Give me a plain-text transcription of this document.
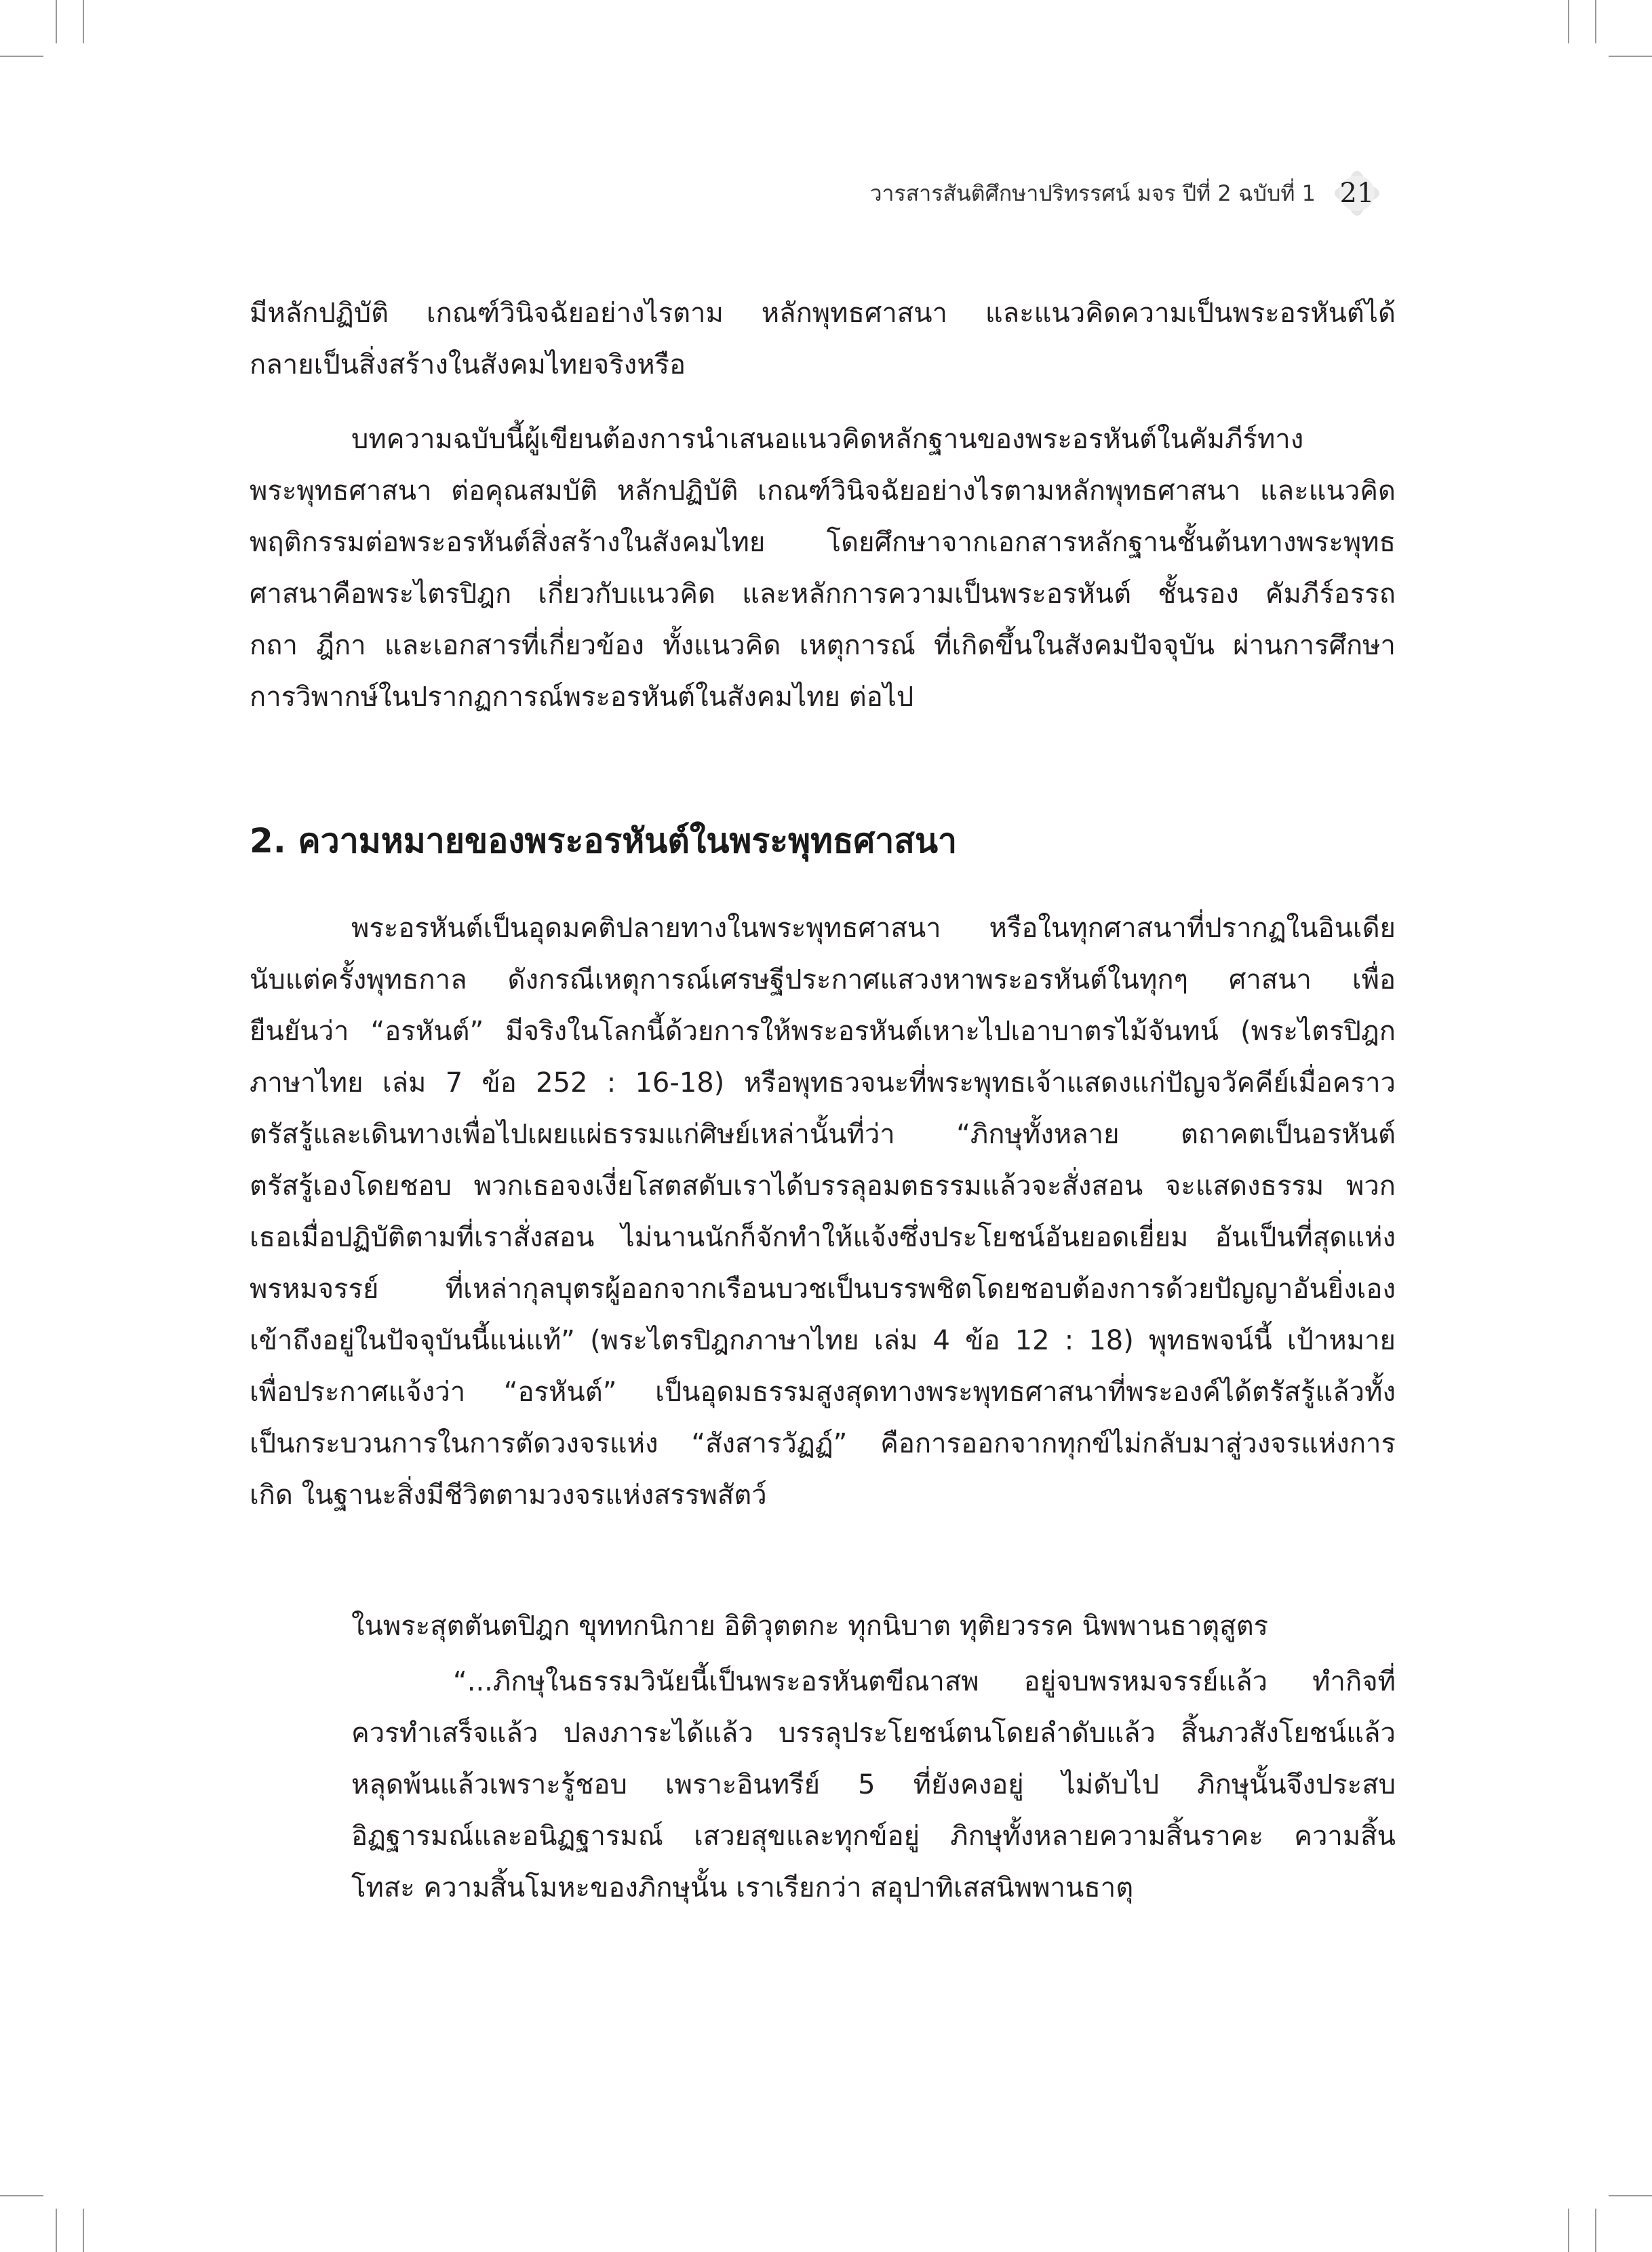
วารสารสันติศึกษาปริทรรศน์ มจร ปีที่ 2 ฉบับที่ 1 21

มีหลักปฏิบัติ เกณฑ์วินิจฉัยอย่างไรตาม หลักพุทธศาสนา และแนวคิดความเป็นพระอรหันต์ได้

กลายเป็นสิ่งสร้างในสังคมไทยจริงหรือ

บทความฉบับนี้ผู้เขียนต้องการนำเสนอแนวคิดหลักฐานของพระอรหันต์ในคัมภีร์ทาง

พระพุทธศาสนา ต่อคุณสมบัติ หลักปฏิบัติ เกณฑ์วินิจฉัยอย่างไรตามหลักพุทธศาสนา และแนวคิด

พฤติกรรมต่อพระอรหันต์สิ่งสร้างในสังคมไทย โดยศึกษาจากเอกสารหลักฐานชั้นต้นทางพระพุทธ

ศาสนาคือพระไตรปิฎก เกี่ยวกับแนวคิด และหลักการความเป็นพระอรหันต์ ชั้นรอง คัมภีร์อรรถ

กถา ฎีกา และเอกสารที่เกี่ยวข้อง ทั้งแนวคิด เหตุการณ์ ที่เกิดขึ้นในสังคมปัจจุบัน ผ่านการศึกษา

การวิพากษ์ในปรากฏการณ์พระอรหันต์ในสังคมไทย ต่อไป

2. ความหมายของพระอรหันต์ในพระพุทธศาสนา

พระอรหันต์เป็นอุดมคติปลายทางในพระพุทธศาสนา หรือในทุกศาสนาที่ปรากฏในอินเดีย

นับแต่ครั้งพุทธกาล ดังกรณีเหตุการณ์เศรษฐีประกาศแสวงหาพระอรหันต์ในทุกๆ ศาสนา เพื่อ

ยืนยันว่า “อรหันต์” มีจริงในโลกนี้ด้วยการให้พระอรหันต์เหาะไปเอาบาตรไม้จันทน์ (พระไตรปิฎก

ภาษาไทย เล่ม 7 ข้อ 252 : 16-18) หรือพุทธวจนะที่พระพุทธเจ้าแสดงแก่ปัญจวัคคีย์เมื่อคราว

ตรัสรู้และเดินทางเพื่อไปเผยแผ่ธรรมแก่ศิษย์เหล่านั้นที่ว่า “ภิกษุทั้งหลาย ตถาคตเป็นอรหันต์

ตรัสรู้เองโดยชอบ พวกเธอจงเงี่ยโสตสดับเราได้บรรลุอมตธรรมแล้วจะสั่งสอน จะแสดงธรรม พวก

เธอเมื่อปฏิบัติตามที่เราสั่งสอน ไม่นานนักก็จักทำให้แจ้งซึ่งประโยชน์อันยอดเยี่ยม อันเป็นที่สุดแห่ง

พรหมจรรย์ ที่เหล่ากุลบุตรผู้ออกจากเรือนบวชเป็นบรรพชิตโดยชอบต้องการด้วยปัญญาอันยิ่งเอง

เข้าถึงอยู่ในปัจจุบันนี้แน่แท้” (พระไตรปิฎกภาษาไทย เล่ม 4 ข้อ 12 : 18) พุทธพจน์นี้ เป้าหมาย

เพื่อประกาศแจ้งว่า “อรหันต์” เป็นอุดมธรรมสูงสุดทางพระพุทธศาสนาที่พระองค์ได้ตรัสรู้แล้วทั้ง

เป็นกระบวนการในการตัดวงจรแห่ง “สังสารวัฏฏ์” คือการออกจากทุกข์ไม่กลับมาสู่วงจรแห่งการ

เกิด ในฐานะสิ่งมีชีวิตตามวงจรแห่งสรรพสัตว์

ในพระสุตตันตปิฎก ขุททกนิกาย อิติวุตตกะ ทุกนิบาต ทุติยวรรค นิพพานธาตุสูตร

“...ภิกษุในธรรมวินัยนี้เป็นพระอรหันตขีณาสพ อยู่จบพรหมจรรย์แล้ว ทำกิจที่

ควรทำเสร็จแล้ว ปลงภาระได้แล้ว บรรลุประโยชน์ตนโดยลำดับแล้ว สิ้นภวสังโยชน์แล้ว

หลุดพ้นแล้วเพราะรู้ชอบ เพราะอินทรีย์ 5 ที่ยังคงอยู่ ไม่ดับไป ภิกษุนั้นจึงประสบ

อิฏฐารมณ์และอนิฏฐารมณ์ เสวยสุขและทุกข์อยู่ ภิกษุทั้งหลายความสิ้นราคะ ความสิ้น

โทสะ ความสิ้นโมหะของภิกษุนั้น เราเรียกว่า สอุปาทิเสสนิพพานธาตุ
